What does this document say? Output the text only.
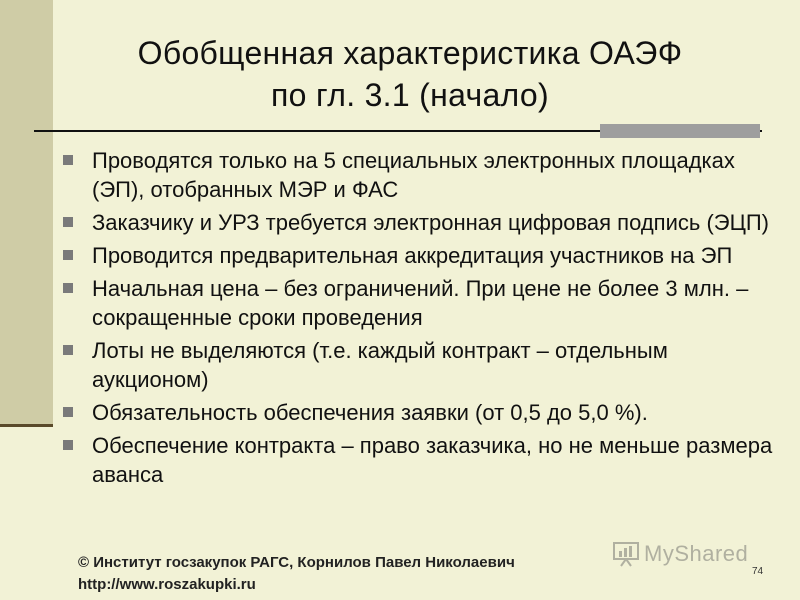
Обобщенная характеристика ОАЭФ
по гл. 3.1 (начало)
Проводятся только на 5 специальных электронных площадках (ЭП), отобранных МЭР и ФАС
Заказчику и УРЗ требуется электронная цифровая подпись (ЭЦП)
Проводится предварительная аккредитация участников на ЭП
Начальная цена – без ограничений. При цене не более 3 млн. – сокращенные сроки проведения
Лоты не выделяются (т.е. каждый контракт – отдельным аукционом)
Обязательность обеспечения заявки (от 0,5 до 5,0 %).
Обеспечение контракта – право заказчика, но не меньше размера аванса
© Институт госзакупок РАГС, Корнилов Павел Николаевич
http://www.roszakupki.ru
MyShared
74
